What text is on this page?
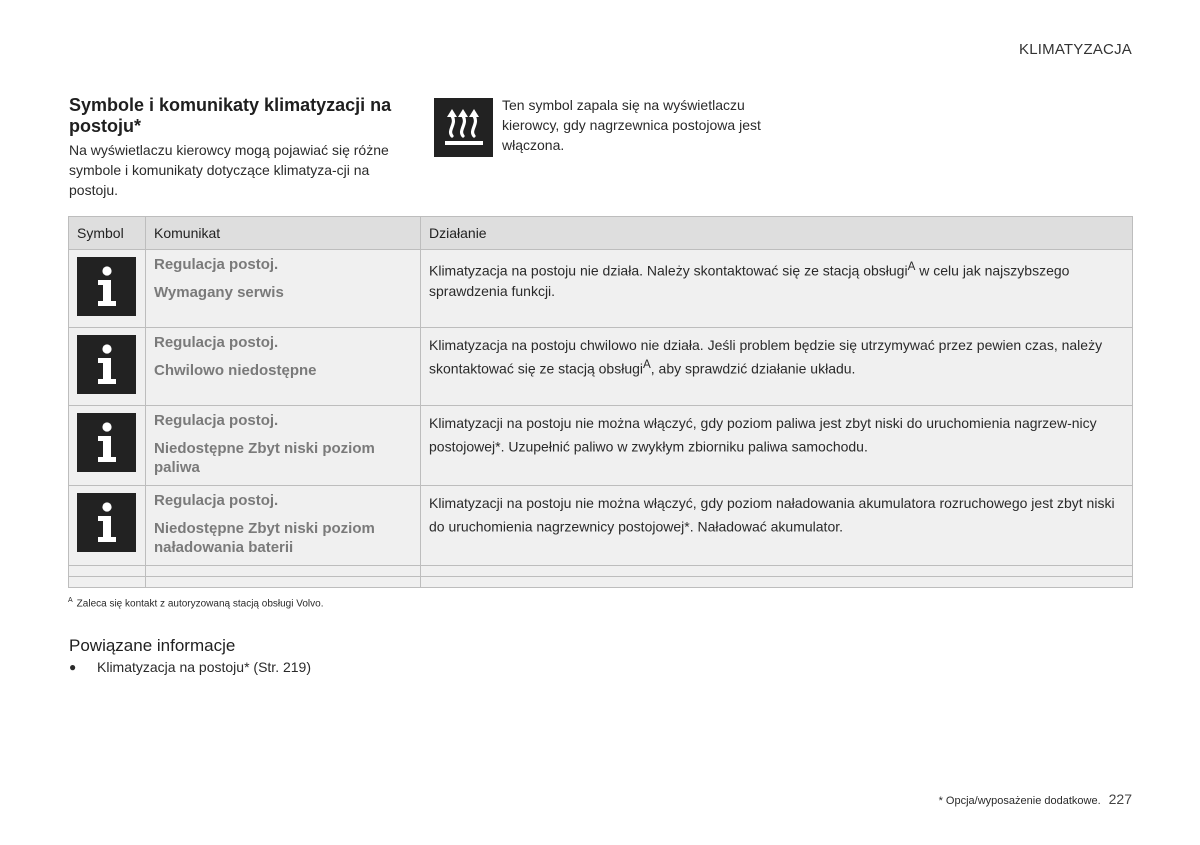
KLIMATYZACJA
Symbole i komunikaty klimatyzacji na postoju*

Na wyświetlaczu kierowcy mogą pojawiać się różne symbole i komunikaty dotyczące klimatyza-cji na postoju.

Ten symbol zapala się na wyświetlaczu kierowcy, gdy nagrzewnica postojowa jest włączona.

Symbol	Komunikat	Działanie

Regulacja postoj.
Wymagany serwis	Klimatyzacja na postoju nie działa. Należy skontaktować się ze stacją obsługi$^A$ w celu jak najszybszego sprawdzenia funkcji.

Regulacja postoj.
Chwilowo niedostępne	Klimatyzacja na postoju chwilowo nie działa. Jeśli problem będzie się utrzymywać przez pewien czas, należy skontaktować się ze stacją obsługi$^A$, aby sprawdzić działanie układu.

Regulacja postoj.
Niedostępne Zbyt niski poziom paliwa	Klimatyzacji na postoju nie można włączyć, gdy poziom paliwa jest zbyt niski do uruchomienia nagrzew-nicy postojowej*. Uzupełnić paliwo w zwykłym zbiorniku paliwa samochodu.

Regulacja postoj.
Niedostępne Zbyt niski poziom naładowania baterii	Klimatyzacji na postoju nie można włączyć, gdy poziom naładowania akumulatora rozruchowego jest zbyt niski do uruchomienia nagrzewnicy postojowej*. Naładować akumulator.

$^A$ Zaleca się kontakt z autoryzowaną stacją obsługi Volvo.
Powiązane informacje
●	Klimatyzacja na postoju* (Str. 219)
* Opcja/wyposażenie dodatkowe. 227
